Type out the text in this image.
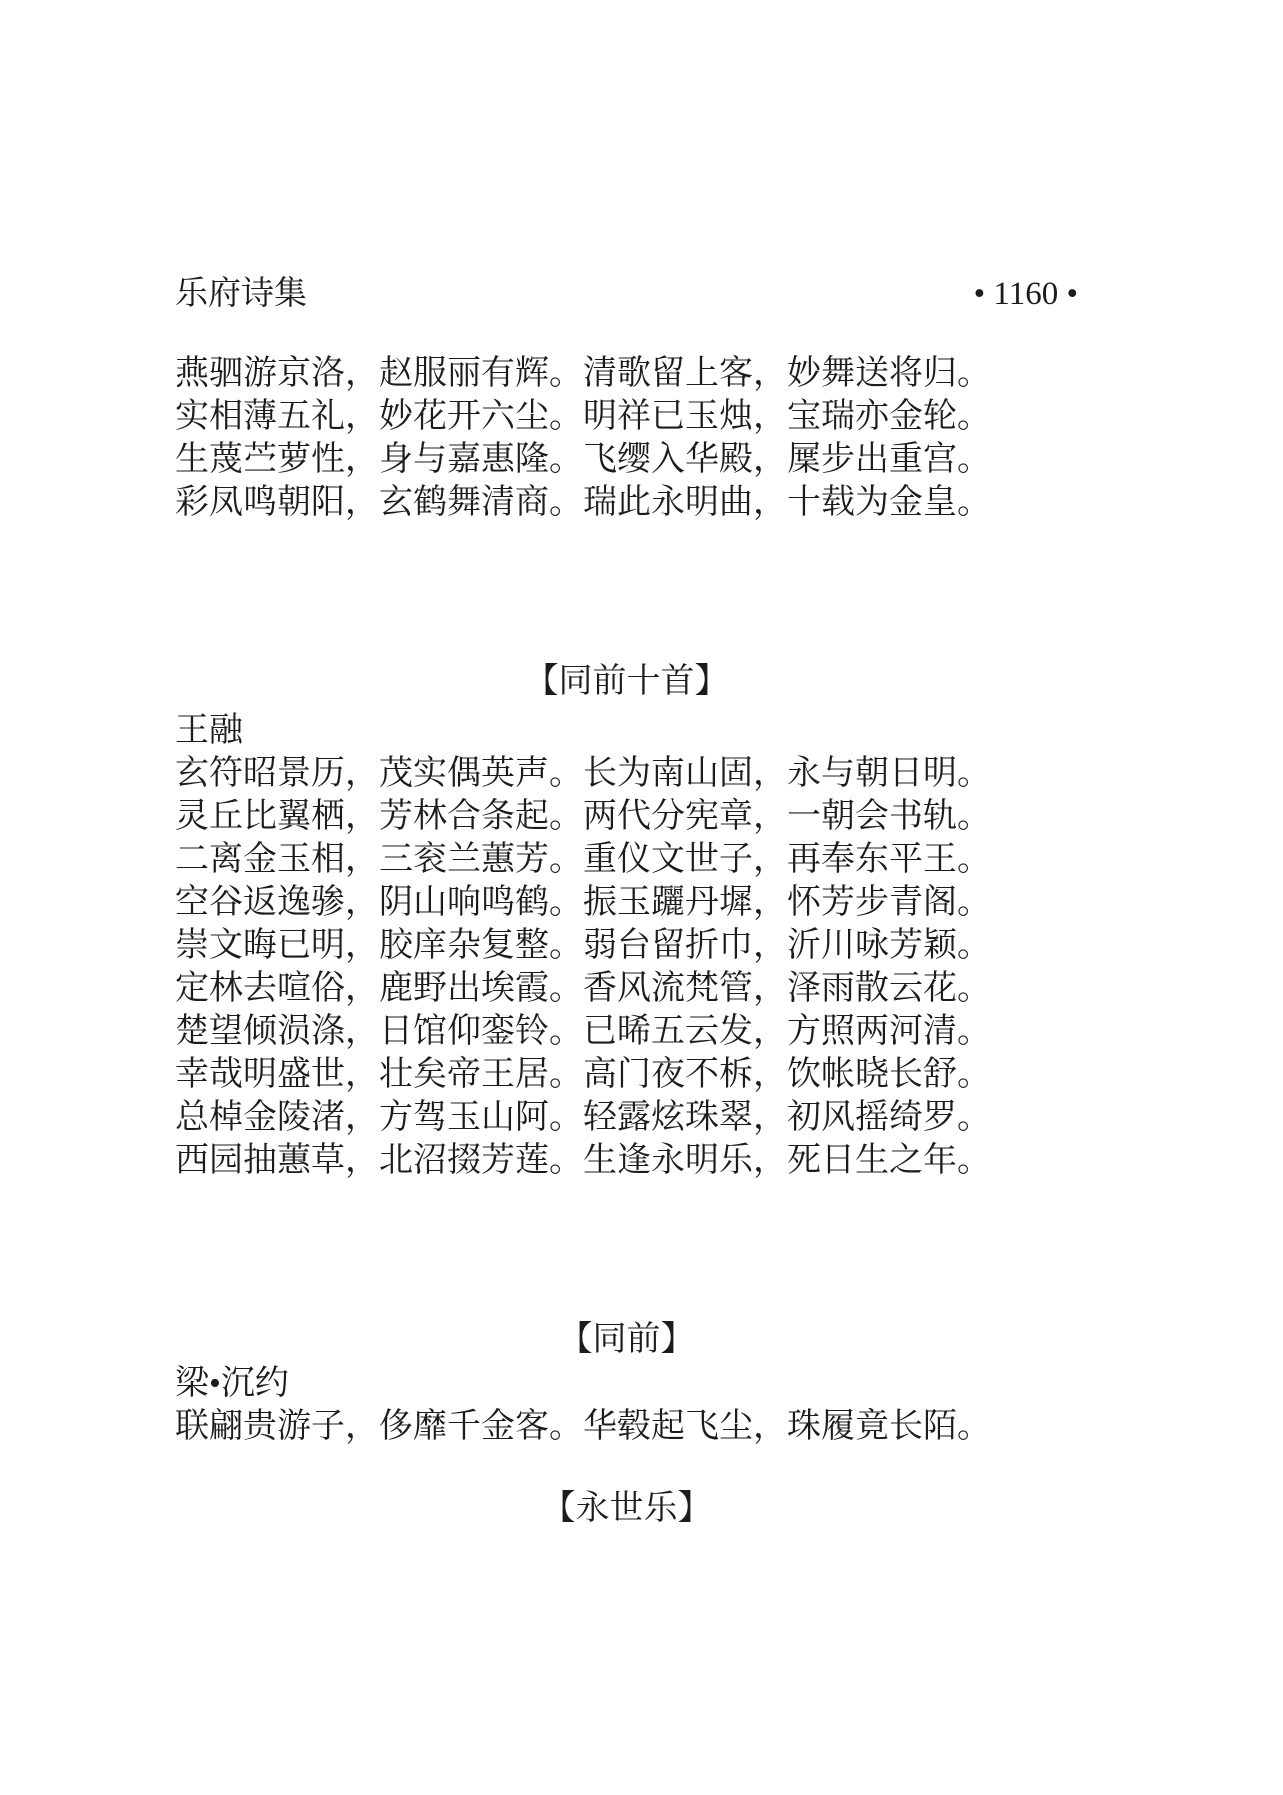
乐府诗集	• 1160 •

燕驷游京洛，赵服丽有辉。清歌留上客，妙舞送将归。

实相薄五礼，妙花开六尘。明祥已玉烛，宝瑞亦金轮。

生蔑苎萝性，身与嘉惠隆。飞缨入华殿，屟步出重宫。

彩凤鸣朝阳，玄鹤舞清商。瑞此永明曲，十载为金皇。

【同前十首】

王融

玄符昭景历，茂实偶英声。长为南山固，永与朝日明。

灵丘比翼栖，芳林合条起。两代分宪章，一朝会书轨。

二离金玉相，三衮兰蕙芳。重仪文世子，再奉东平王。

空谷返逸骖，阴山响鸣鹤。振玉躧丹墀，怀芳步青阁。

崇文晦已明，胶庠杂复整。弱台留折巾，沂川咏芳颖。

定林去喧俗，鹿野出埃霞。香风流梵管，泽雨散云花。

楚望倾涢涤，日馆仰銮铃。已晞五云发，方照两河清。

幸哉明盛世，壮矣帝王居。高门夜不柝，饮帐晓长舒。

总棹金陵渚，方驾玉山阿。轻露炫珠翠，初风摇绮罗。

西园抽蕙草，北沼掇芳莲。生逢永明乐，死日生之年。

【同前】

梁•沉约

联翩贵游子，侈靡千金客。华毂起飞尘，珠履竟长陌。

【永世乐】
